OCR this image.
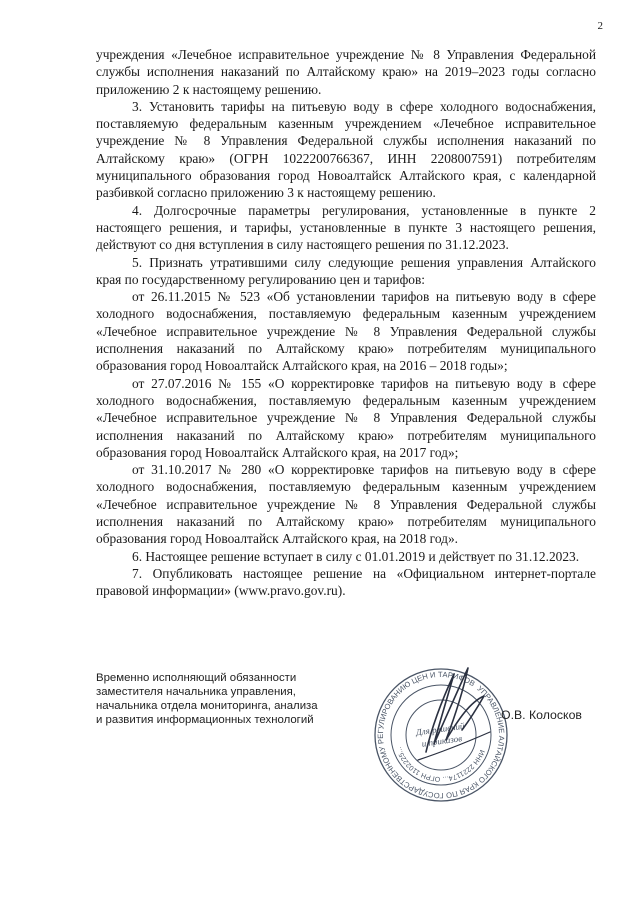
2

учреждения «Лечебное исправительное учреждение № 8 Управления Федеральной службы исполнения наказаний по Алтайскому краю» на 2019–2023 годы согласно приложению 2 к настоящему решению.

3. Установить тарифы на питьевую воду в сфере холодного водоснабжения, поставляемую федеральным казенным учреждением «Лечебное исправительное учреждение № 8 Управления Федеральной службы исполнения наказаний по Алтайскому краю» (ОГРН 1022200766367, ИНН 2208007591) потребителям муниципального образования город Новоалтайск Алтайского края, с календарной разбивкой согласно приложению 3 к настоящему решению.

4. Долгосрочные параметры регулирования, установленные в пункте 2 настоящего решения, и тарифы, установленные в пункте 3 настоящего решения, действуют со дня вступления в силу настоящего решения по 31.12.2023.

5. Признать утратившими силу следующие решения управления Алтайского края по государственному регулированию цен и тарифов:

от 26.11.2015 № 523 «Об установлении тарифов на питьевую воду в сфере холодного водоснабжения, поставляемую федеральным казенным учреждением «Лечебное исправительное учреждение № 8 Управления Федеральной службы исполнения наказаний по Алтайскому краю» потребителям муниципального образования город Новоалтайск Алтайского края, на 2016 – 2018 годы»;

от 27.07.2016 № 155 «О корректировке тарифов на питьевую воду в сфере холодного водоснабжения, поставляемую федеральным казенным учреждением «Лечебное исправительное учреждение № 8 Управления Федеральной службы исполнения наказаний по Алтайскому краю» потребителям муниципального образования город Новоалтайск Алтайского края, на 2017 год»;

от 31.10.2017 № 280 «О корректировке тарифов на питьевую воду в сфере холодного водоснабжения, поставляемую федеральным казенным учреждением «Лечебное исправительное учреждение № 8 Управления Федеральной службы исполнения наказаний по Алтайскому краю» потребителям муниципального образования город Новоалтайск Алтайского края, на 2018 год».

6. Настоящее решение вступает в силу с 01.01.2019 и действует по 31.12.2023.

7. Опубликовать настоящее решение на «Официальном интернет-портале правовой информации» (www.pravo.gov.ru).

Временно исполняющий обязанности
заместителя начальника управления,
начальника отдела мониторинга, анализа
и развития информационных технологий
УПРАВЛЕНИЕ АЛТАЙСКОГО КРАЯ ПО ГОСУДАРСТВЕННОМУ РЕГУЛИРОВАНИЮ ЦЕН И ТАРИФОВ
ИНН 2221174... ОГРН 1102225...
Для решений
и приказов
О.В. Колосков
